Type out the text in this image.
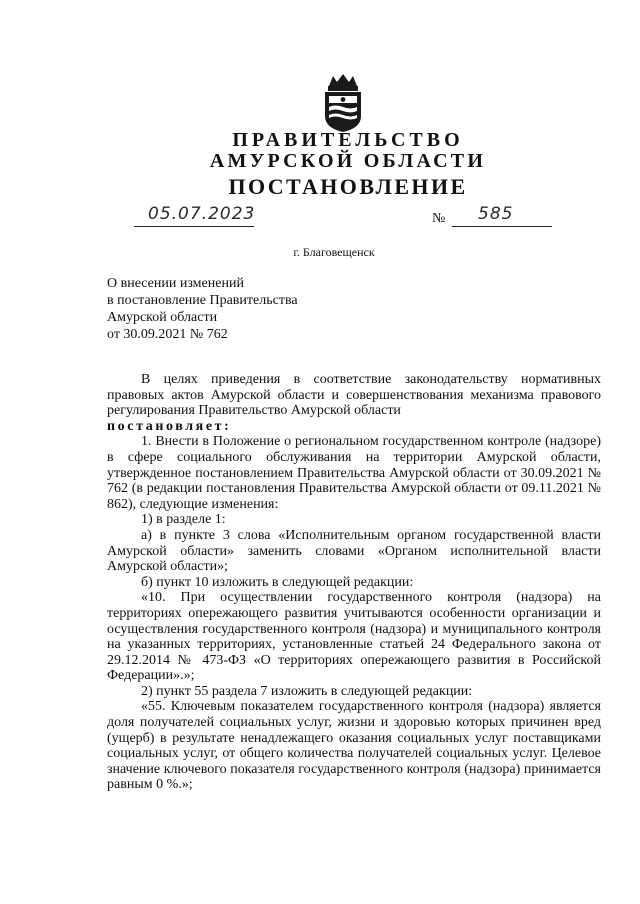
ПРАВИТЕЛЬСТВО
АМУРСКОЙ ОБЛАСТИ
ПОСТАНОВЛЕНИЕ
05.07.2023	№ 585
г. Благовещенск
О внесении изменений
в постановление Правительства
Амурской области
от 30.09.2021 № 762

В целях приведения в соответствие законодательству нормативных правовых актов Амурской области и совершенствования механизма правового регулирования Правительство Амурской области

постановляет:

1. Внести в Положение о региональном государственном контроле (надзоре) в сфере социального обслуживания на территории Амурской области, утвержденное постановлением Правительства Амурской области от 30.09.2021 № 762 (в редакции постановления Правительства Амурской области от 09.11.2021 № 862), следующие изменения:

1) в разделе 1:

а) в пункте 3 слова «Исполнительным органом государственной власти Амурской области» заменить словами «Органом исполнительной власти Амурской области»;

б) пункт 10 изложить в следующей редакции:

«10. При осуществлении государственного контроля (надзора) на территориях опережающего развития учитываются особенности организации и осуществления государственного контроля (надзора) и муниципального контроля на указанных территориях, установленные статьей 24 Федерального закона от 29.12.2014 № 473-ФЗ «О территориях опережающего развития в Российской Федерации».»;

2) пункт 55 раздела 7 изложить в следующей редакции:

«55. Ключевым показателем государственного контроля (надзора) является доля получателей социальных услуг, жизни и здоровью которых причинен вред (ущерб) в результате ненадлежащего оказания социальных услуг поставщиками социальных услуг, от общего количества получателей социальных услуг. Целевое значение ключевого показателя государственного контроля (надзора) принимается равным 0 %.»;
